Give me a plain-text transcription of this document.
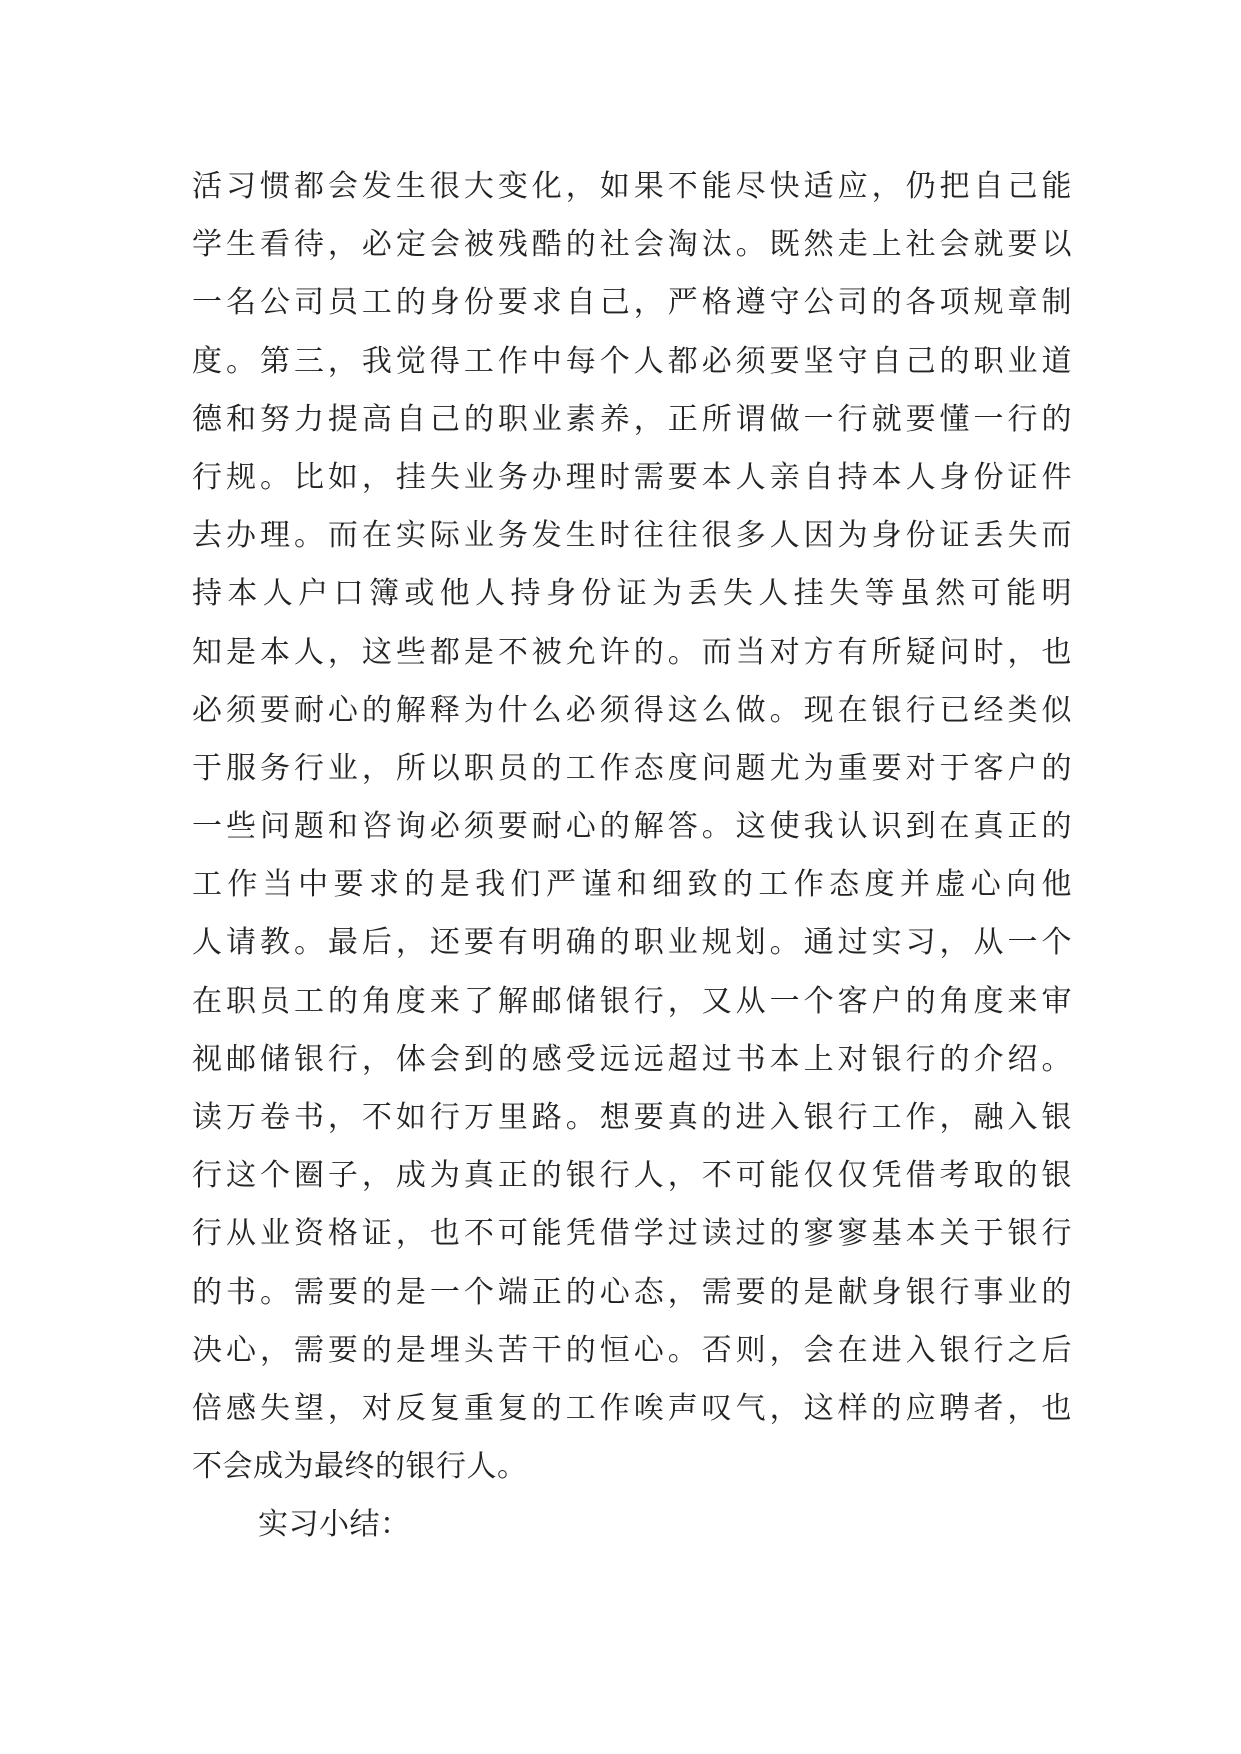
活习惯都会发生很大变化，如果不能尽快适应，仍把自己能
学生看待，必定会被残酷的社会淘汰。既然走上社会就要以
一名公司员工的身份要求自己，严格遵守公司的各项规章制
度。第三，我觉得工作中每个人都必须要坚守自己的职业道
德和努力提高自己的职业素养，正所谓做一行就要懂一行的
行规。比如，挂失业务办理时需要本人亲自持本人身份证件
去办理。而在实际业务发生时往往很多人因为身份证丢失而
持本人户口簿或他人持身份证为丢失人挂失等虽然可能明
知是本人，这些都是不被允许的。而当对方有所疑问时，也
必须要耐心的解释为什么必须得这么做。现在银行已经类似
于服务行业，所以职员的工作态度问题尤为重要对于客户的
一些问题和咨询必须要耐心的解答。这使我认识到在真正的
工作当中要求的是我们严谨和细致的工作态度并虚心向他
人请教。最后，还要有明确的职业规划。通过实习，从一个
在职员工的角度来了解邮储银行，又从一个客户的角度来审
视邮储银行，体会到的感受远远超过书本上对银行的介绍。
读万卷书，不如行万里路。想要真的进入银行工作，融入银
行这个圈子，成为真正的银行人，不可能仅仅凭借考取的银
行从业资格证，也不可能凭借学过读过的寥寥基本关于银行
的书。需要的是一个端正的心态，需要的是献身银行事业的
决心，需要的是埋头苦干的恒心。否则，会在进入银行之后
倍感失望，对反复重复的工作唉声叹气，这样的应聘者，也
不会成为最终的银行人。
实习小结：
